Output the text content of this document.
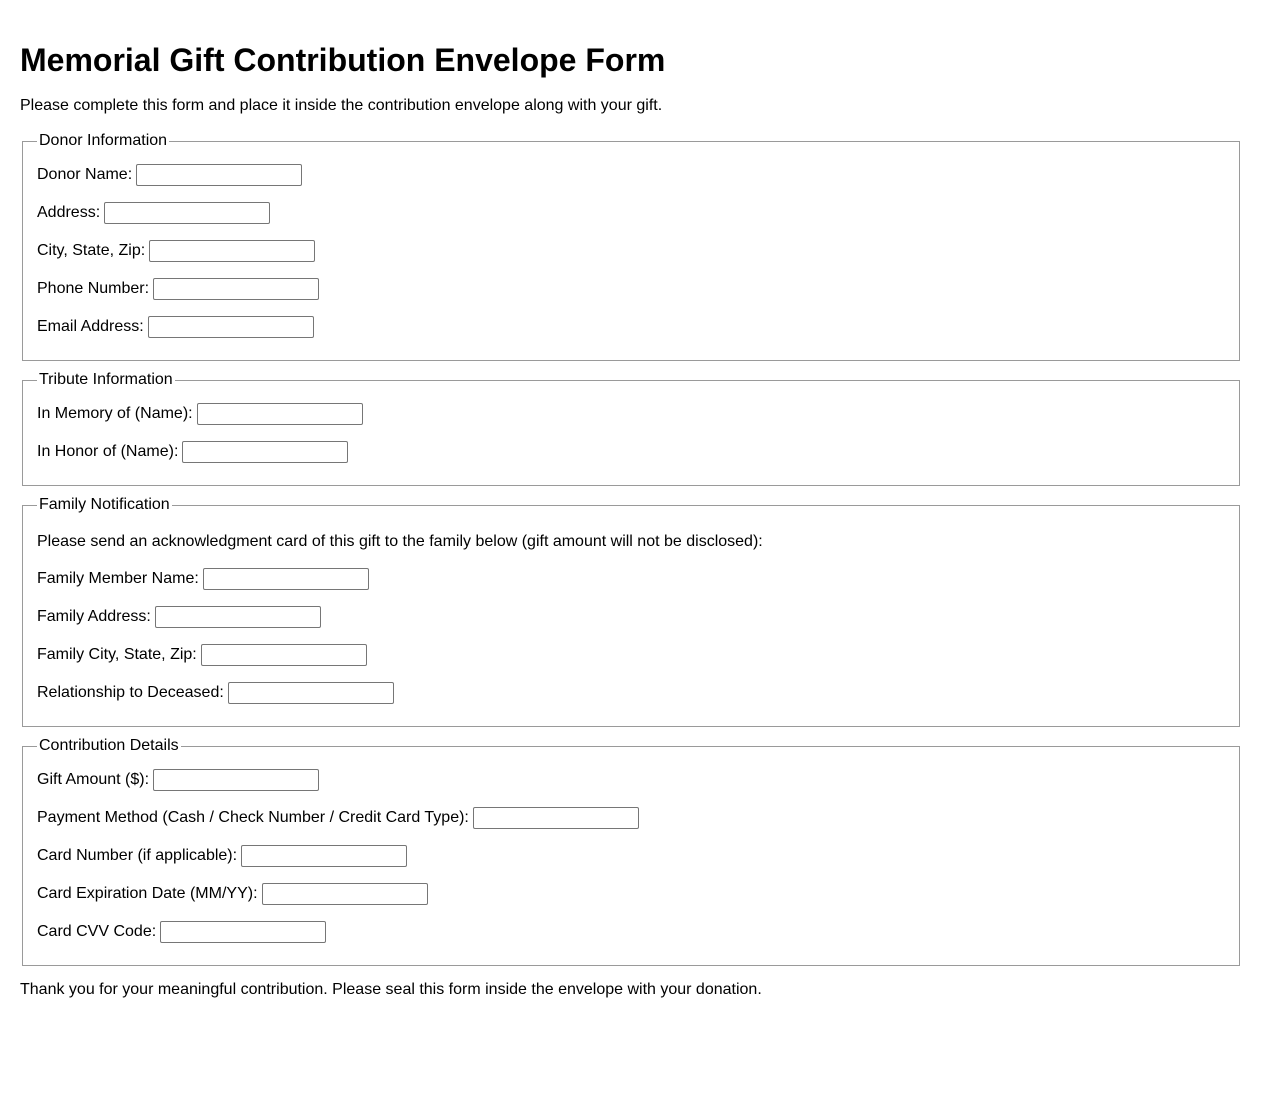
Memorial Gift Contribution Envelope Form

Please complete this form and place it inside the contribution envelope along with your gift.

Donor Information
Donor Name:
Address:
City, State, Zip:
Phone Number:
Email Address:
Tribute Information
In Memory of (Name):
In Honor of (Name):
Family Notification

Please send an acknowledgment card of this gift to the family below (gift amount will not be disclosed):

Family Member Name:
Family Address:
Family City, State, Zip:
Relationship to Deceased:
Contribution Details
Gift Amount ($):
Payment Method (Cash / Check Number / Credit Card Type):
Card Number (if applicable):
Card Expiration Date (MM/YY):
Card CVV Code:

Thank you for your meaningful contribution. Please seal this form inside the envelope with your donation.
